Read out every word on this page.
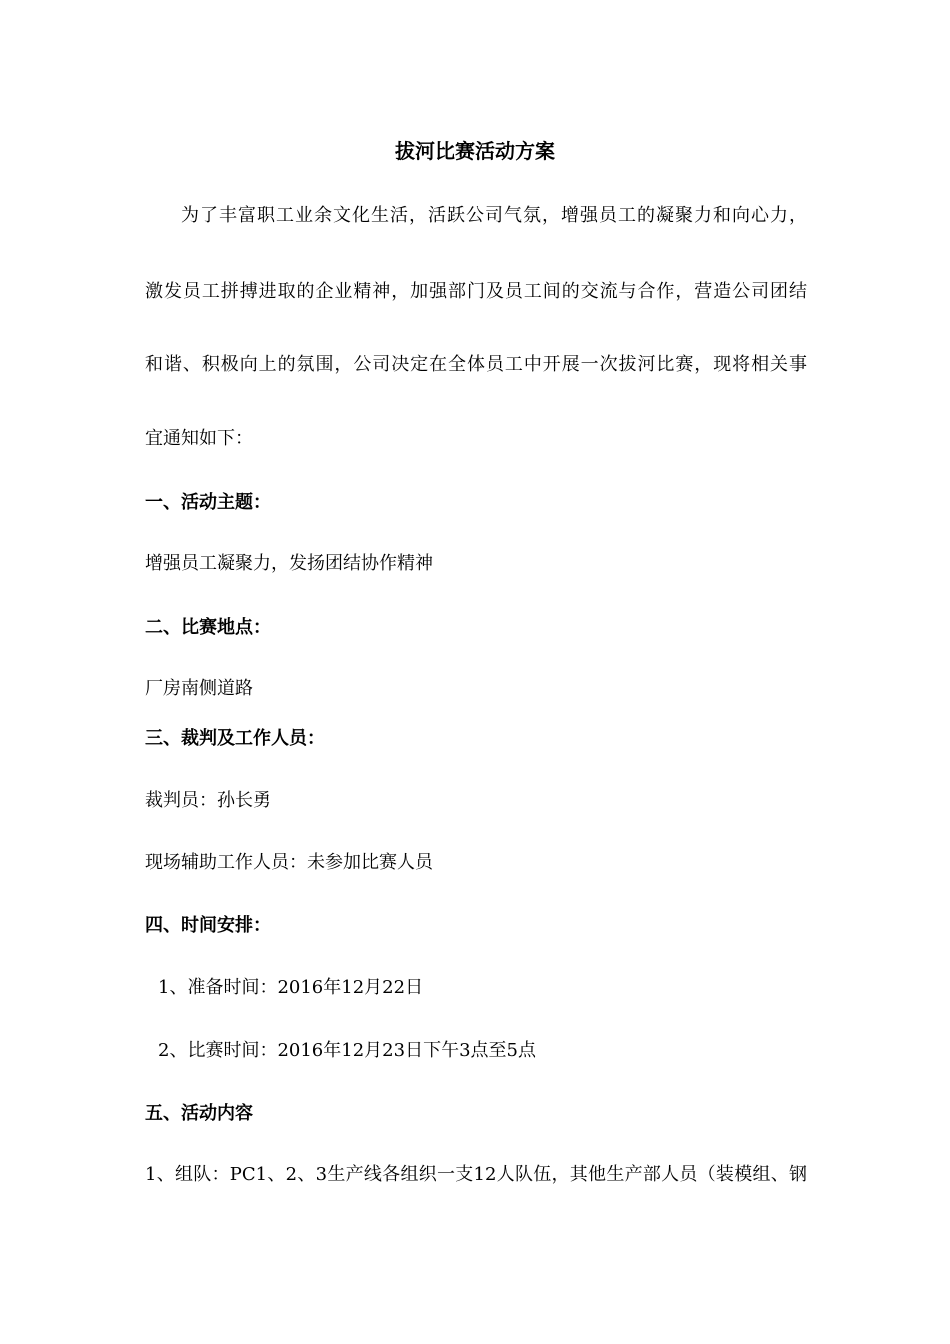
拔河比赛活动方案
为了丰富职工业余文化生活，活跃公司气氛，增强员工的凝聚力和向心力，
激发员工拼搏进取的企业精神，加强部门及员工间的交流与合作，营造公司团结
和谐、积极向上的氛围，公司决定在全体员工中开展一次拔河比赛，现将相关事
宜通知如下：
一、活动主题：
增强员工凝聚力，发扬团结协作精神
二、比赛地点：
厂房南侧道路
三、裁判及工作人员：
裁判员：孙长勇
现场辅助工作人员：未参加比赛人员
四、时间安排：
1、准备时间：2016年12月22日
2、比赛时间：2016年12月23日下午3点至5点
五、活动内容
1、组队：PC1、2、3生产线各组织一支12人队伍，其他生产部人员（装模组、钢
